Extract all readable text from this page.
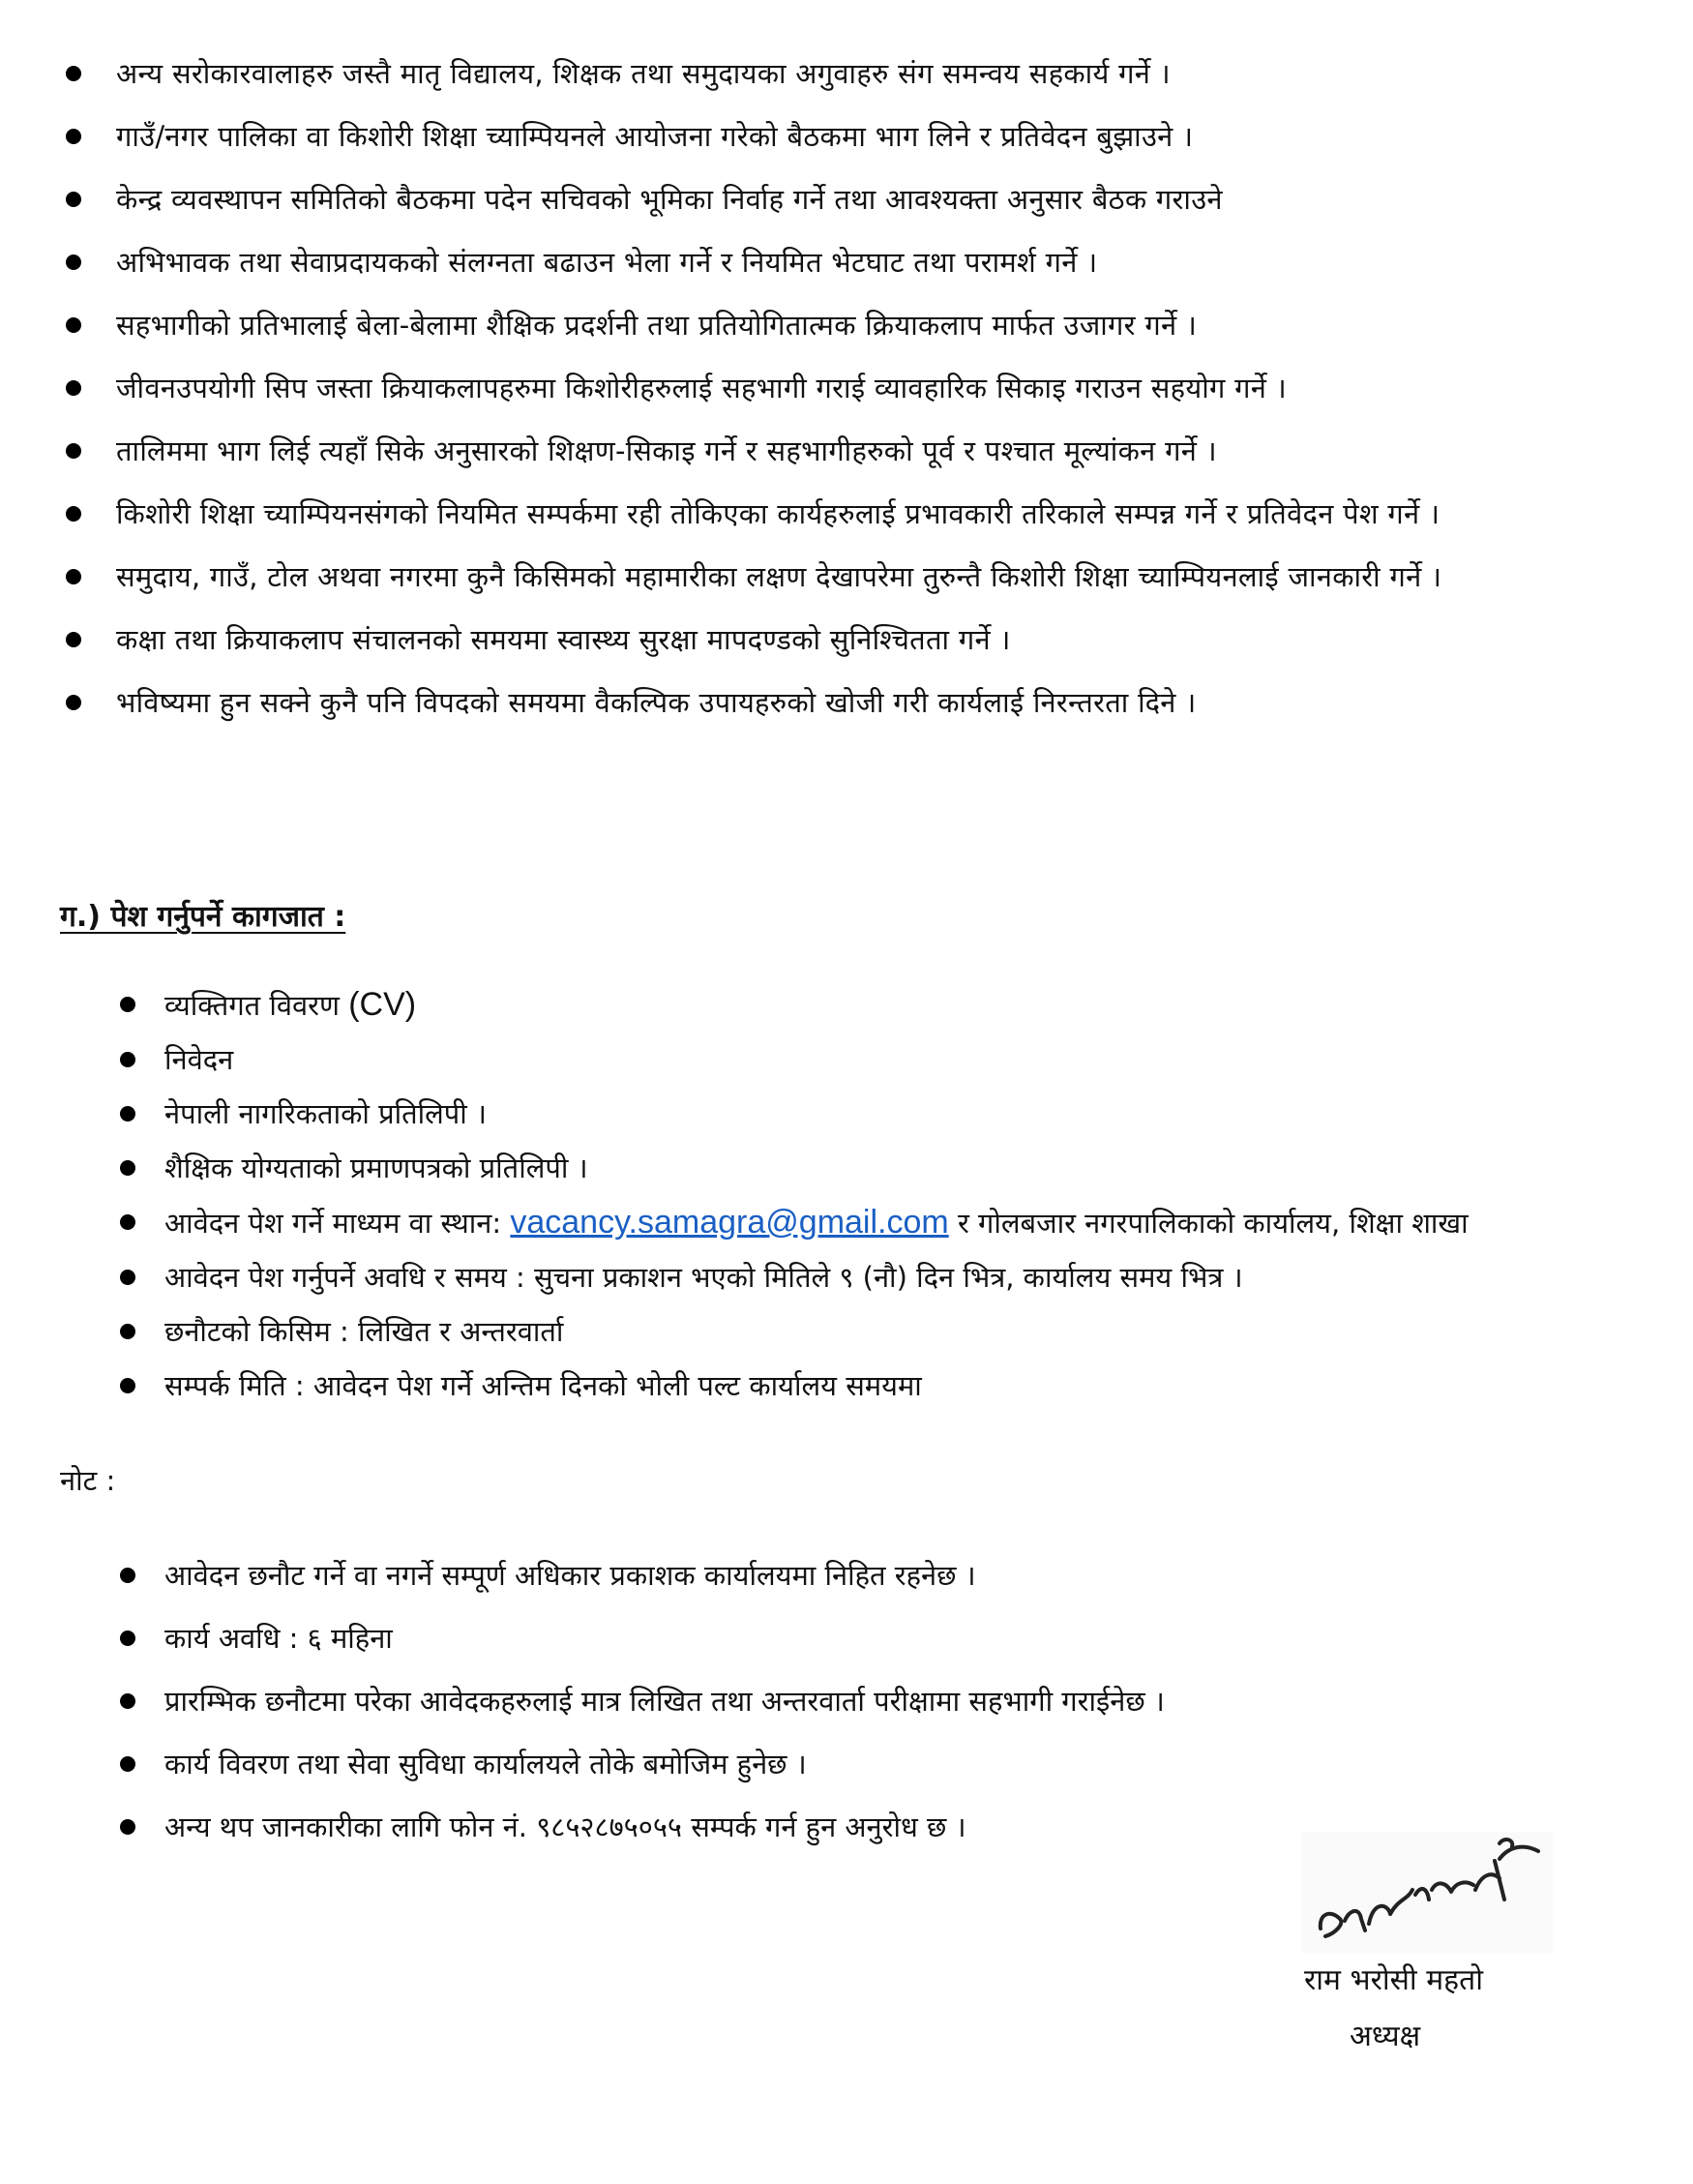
अन्य सरोकारवालाहरु जस्तै मातृ विद्यालय, शिक्षक तथा समुदायका अगुवाहरु संग समन्वय सहकार्य गर्ने ।
गाउँ/नगर पालिका वा किशोरी शिक्षा च्याम्पियनले आयोजना गरेको बैठकमा भाग लिने र प्रतिवेदन बुझाउने ।
केन्द्र व्यवस्थापन समितिको बैठकमा पदेन सचिवको भूमिका निर्वाह गर्ने तथा आवश्यक्ता अनुसार बैठक गराउने
अभिभावक तथा सेवाप्रदायकको संलग्नता बढाउन भेला गर्ने र नियमित भेटघाट तथा परामर्श गर्ने ।
सहभागीको प्रतिभालाई बेला-बेलामा शैक्षिक प्रदर्शनी तथा प्रतियोगितात्मक क्रियाकलाप मार्फत उजागर गर्ने ।
जीवनउपयोगी सिप जस्ता क्रियाकलापहरुमा किशोरीहरुलाई सहभागी गराई व्यावहारिक सिकाइ गराउन सहयोग गर्ने ।
तालिममा भाग लिई त्यहाँ सिके अनुसारको शिक्षण-सिकाइ गर्ने र सहभागीहरुको पूर्व र पश्चात मूल्यांकन गर्ने ।
किशोरी शिक्षा च्याम्पियनसंगको नियमित सम्पर्कमा रही तोकिएका कार्यहरुलाई प्रभावकारी तरिकाले सम्पन्न गर्ने र प्रतिवेदन पेश गर्ने ।
समुदाय, गाउँ, टोल अथवा नगरमा कुनै किसिमको महामारीका लक्षण देखापरेमा तुरुन्तै किशोरी शिक्षा च्याम्पियनलाई जानकारी गर्ने ।
कक्षा तथा क्रियाकलाप संचालनको समयमा स्वास्थ्य सुरक्षा मापदण्डको सुनिश्चितता गर्ने ।
भविष्यमा हुन सक्ने कुनै पनि विपदको समयमा वैकल्पिक उपायहरुको खोजी गरी कार्यलाई निरन्तरता दिने ।
ग.) पेश गर्नुपर्ने कागजात :
व्यक्तिगत विवरण (CV)
निवेदन
नेपाली नागरिकताको प्रतिलिपी ।
शैक्षिक योग्यताको प्रमाणपत्रको प्रतिलिपी ।
आवेदन पेश गर्ने माध्यम वा स्थान: vacancy.samagra@gmail.com र गोलबजार नगरपालिकाको कार्यालय, शिक्षा शाखा
आवेदन पेश गर्नुपर्ने अवधि र समय : सुचना प्रकाशन भएको मितिले ९ (नौ) दिन भित्र, कार्यालय समय भित्र ।
छनौटको किसिम : लिखित र अन्तरवार्ता
सम्पर्क मिति : आवेदन पेश गर्ने अन्तिम दिनको भोली पल्ट कार्यालय समयमा
नोट :
आवेदन छनौट गर्ने वा नगर्ने सम्पूर्ण अधिकार प्रकाशक कार्यालयमा निहित रहनेछ ।
कार्य अवधि : ६ महिना
प्रारम्भिक छनौटमा परेका आवेदकहरुलाई मात्र लिखित तथा अन्तरवार्ता परीक्षामा सहभागी गराईनेछ ।
कार्य विवरण तथा सेवा सुविधा कार्यालयले तोके बमोजिम हुनेछ ।
अन्य थप जानकारीका लागि फोन नं. ९८५२८७५०५५ सम्पर्क गर्न हुन अनुरोध छ ।
राम भरोसी महतो
अध्यक्ष
